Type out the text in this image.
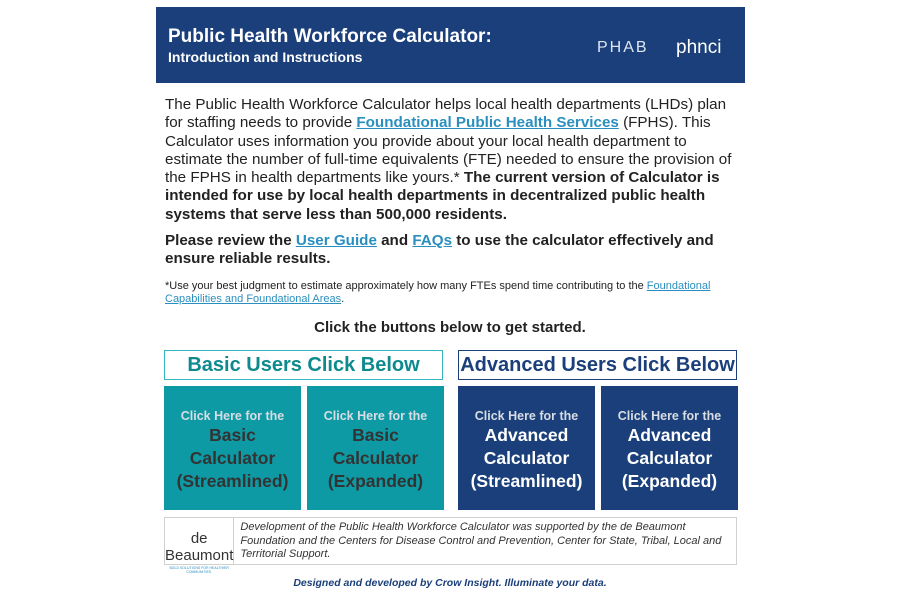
Public Health Workforce Calculator:
Introduction and Instructions
PHAB phnci
The Public Health Workforce Calculator helps local health departments (LHDs) plan for staffing needs to provide Foundational Public Health Services (FPHS). This Calculator uses information you provide about your local health department to estimate the number of full-time equivalents (FTE) needed to ensure the provision of the FPHS in health departments like yours.* The current version of Calculator is intended for use by local health departments in decentralized public health systems that serve less than 500,000 residents.
Please review the User Guide and FAQs to use the calculator effectively and ensure reliable results.
*Use your best judgment to estimate approximately how many FTEs spend time contributing to the Foundational Capabilities and Foundational Areas.
Click the buttons below to get started.
Basic Users Click Below	Advanced Users Click Below
Click Here for the
Basic
Calculator
(Streamlined)
Click Here for the
Basic
Calculator
(Expanded)
Click Here for the
Advanced
Calculator
(Streamlined)
Click Here for the
Advanced
Calculator
(Expanded)
de Beaumont
BOLD SOLUTIONS FOR HEALTHIER COMMUNITIES.
Development of the Public Health Workforce Calculator was supported by the de Beaumont Foundation and the Centers for Disease Control and Prevention, Center for State, Tribal, Local and Territorial Support.
Designed and developed by Crow Insight. Illuminate your data.
